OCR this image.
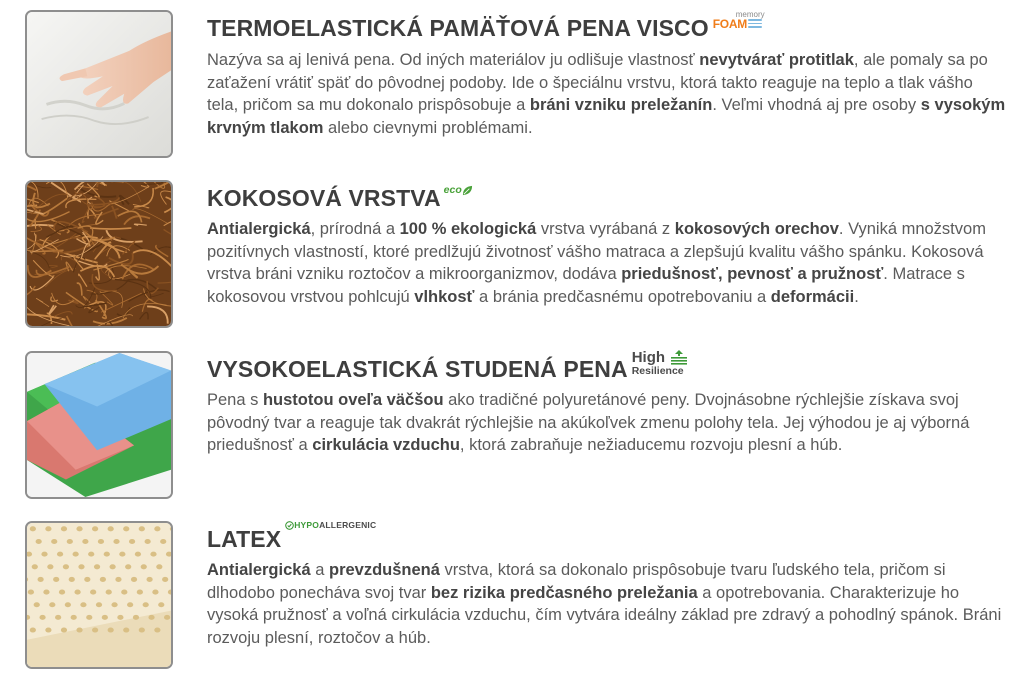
TERMOELASTICKÁ PAMÄŤOVÁ PENA VISCO
memory
FOAM
Nazýva sa aj lenivá pena. Od iných materiálov ju odlišuje vlastnosť nevytvárať protitlak, ale pomaly sa po zaťažení vrátiť späť do pôvodnej podoby. Ide o špeciálnu vrstvu, ktorá takto reaguje na teplo a tlak vášho tela, pričom sa mu dokonalo prispôsobuje a bráni vzniku preležanín. Veľmi vhodná aj pre osoby s vysokým krvným tlakom alebo cievnymi problémami.
KOKOSOVÁ VRSTVA eco
Antialergická, prírodná a 100 % ekologická vrstva vyrábaná z kokosových orechov. Vyniká množstvom pozitívnych vlastností, ktoré predlžujú životnosť vášho matraca a zlepšujú kvalitu vášho spánku. Kokosová vrstva bráni vzniku roztočov a mikroorganizmov, dodáva priedušnosť, pevnosť a pružnosť. Matrace s kokosovou vrstvou pohlcujú vlhkosť a bránia predčasnému opotrebovaniu a deformácii.
VYSOKOELASTICKÁ STUDENÁ PENA High
Resilience
Pena s hustotou oveľa väčšou ako tradičné polyuretánové peny. Dvojnásobne rýchlejšie získava svoj pôvodný tvar a reaguje tak dvakrát rýchlejšie na akúkoľvek zmenu polohy tela. Jej výhodou je aj výborná priedušnosť a cirkulácia vzduchu, ktorá zabraňuje nežiaducemu rozvoju plesní a húb.
LATEX
HYPOALLERGENIC
Antialergická a prevzdušnená vrstva, ktorá sa dokonalo prispôsobuje tvaru ľudského tela, pričom si dlhodobo ponecháva svoj tvar bez rizika predčasného preležania a opotrebovania. Charakterizuje ho vysoká pružnosť a voľná cirkulácia vzduchu, čím vytvára ideálny základ pre zdravý a pohodlný spánok. Bráni rozvoju plesní, roztočov a húb.
